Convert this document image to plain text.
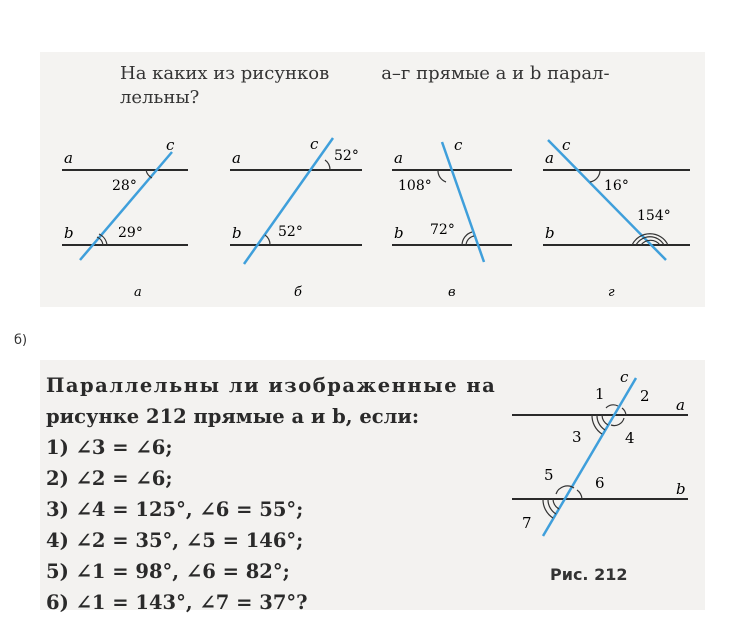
На каких из рисунков	а–г прямые а и b парал-
лельны?
a
b
c
28°
29°
а
a
b
c
52°
52°
б
a
b
c
108°
72°
в
a
b
c
16°
154°
г
c
a
b
1 2
3	4
5	6
7
б)
Параллельны ли изображенные на
рисунке 212 прямые a и b, если:
1) ∠3 = ∠6;
2) ∠2 = ∠6;
3) ∠4 = 125°, ∠6 = 55°;
4) ∠2 = 35°, ∠5 = 146°;
5) ∠1 = 98°, ∠6 = 82°;
6) ∠1 = 143°, ∠7 = 37°?
Рис. 212
